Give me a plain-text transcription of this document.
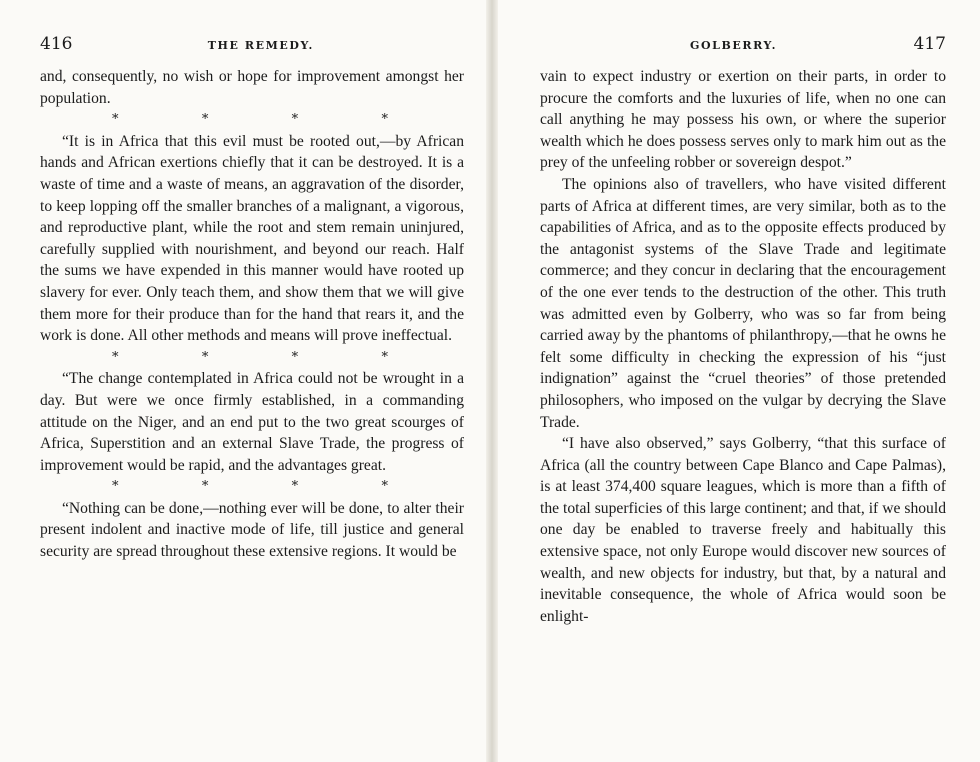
416	THE REMEDY.

and, consequently, no wish or hope for improvement amongst her population.

*	*	*	*

“It is in Africa that this evil must be rooted out,—by African hands and African exertions chiefly that it can be destroyed. It is a waste of time and a waste of means, an aggravation of the disorder, to keep lopping off the smaller branches of a malignant, a vigorous, and reproductive plant, while the root and stem remain uninjured, carefully supplied with nourishment, and beyond our reach. Half the sums we have expended in this manner would have rooted up slavery for ever. Only teach them, and show them that we will give them more for their produce than for the hand that rears it, and the work is done. All other methods and means will prove ineffectual.

*	*	*	*

“The change contemplated in Africa could not be wrought in a day. But were we once firmly established, in a commanding attitude on the Niger, and an end put to the two great scourges of Africa, Superstition and an external Slave Trade, the progress of improvement would be rapid, and the advantages great.

*	*	*	*

“Nothing can be done,—nothing ever will be done, to alter their present indolent and inactive mode of life, till justice and general security are spread throughout these extensive regions. It would be

GOLBERRY.	417

vain to expect industry or exertion on their parts, in order to procure the comforts and the luxuries of life, when no one can call anything he may possess his own, or where the superior wealth which he does possess serves only to mark him out as the prey of the unfeeling robber or sovereign despot.”

The opinions also of travellers, who have visited different parts of Africa at different times, are very similar, both as to the capabilities of Africa, and as to the opposite effects produced by the antagonist systems of the Slave Trade and legitimate commerce; and they concur in declaring that the encouragement of the one ever tends to the destruction of the other. This truth was admitted even by Golberry, who was so far from being carried away by the phantoms of philanthropy,—that he owns he felt some difficulty in checking the expression of his “just indignation” against the “cruel theories” of those pretended philosophers, who imposed on the vulgar by decrying the Slave Trade.

“I have also observed,” says Golberry, “that this surface of Africa (all the country between Cape Blanco and Cape Palmas), is at least 374,400 square leagues, which is more than a fifth of the total superficies of this large continent; and that, if we should one day be enabled to traverse freely and habitually this extensive space, not only Europe would discover new sources of wealth, and new objects for industry, but that, by a natural and inevitable consequence, the whole of Africa would soon be enlight-
